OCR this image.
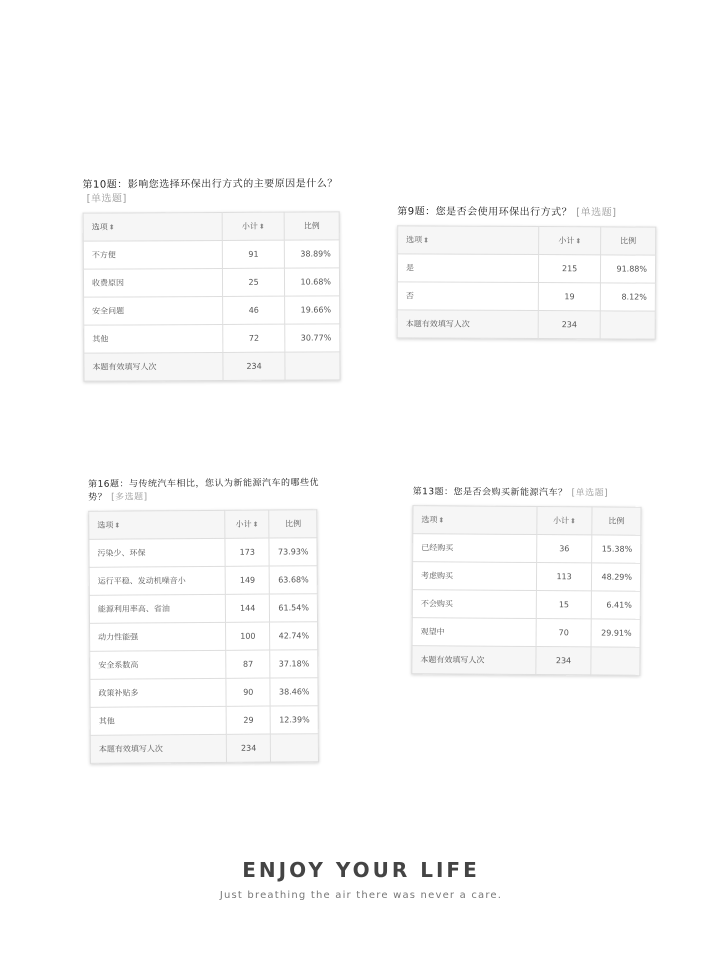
第10题：影响您选择环保出行方式的主要原因是什么？[单选题]
选项⬍	小计⬍	比例
不方便	91	38.89%
收费原因	25	10.68%
安全问题	46	19.66%
其他	72	30.77%
本题有效填写人次	234	
第9题：您是否会使用环保出行方式？ [单选题]
选项⬍	小计⬍	比例
是	215	91.88%
否	19	8.12%
本题有效填写人次	234	
第16题：与传统汽车相比，您认为新能源汽车的哪些优势？ [多选题]
选项⬍	小计⬍	比例
污染少、环保	173	73.93%
运行平稳、发动机噪音小	149	63.68%
能源利用率高、省油	144	61.54%
动力性能强	100	42.74%
安全系数高	87	37.18%
政策补贴多	90	38.46%
其他	29	12.39%
本题有效填写人次	234	
第13题：您是否会购买新能源汽车？ [单选题]
选项⬍	小计⬍	比例
已经购买	36	15.38%
考虑购买	113	48.29%
不会购买	15	6.41%
观望中	70	29.91%
本题有效填写人次	234	
ENJOY YOUR LIFE
Just breathing the air there was never a care.
